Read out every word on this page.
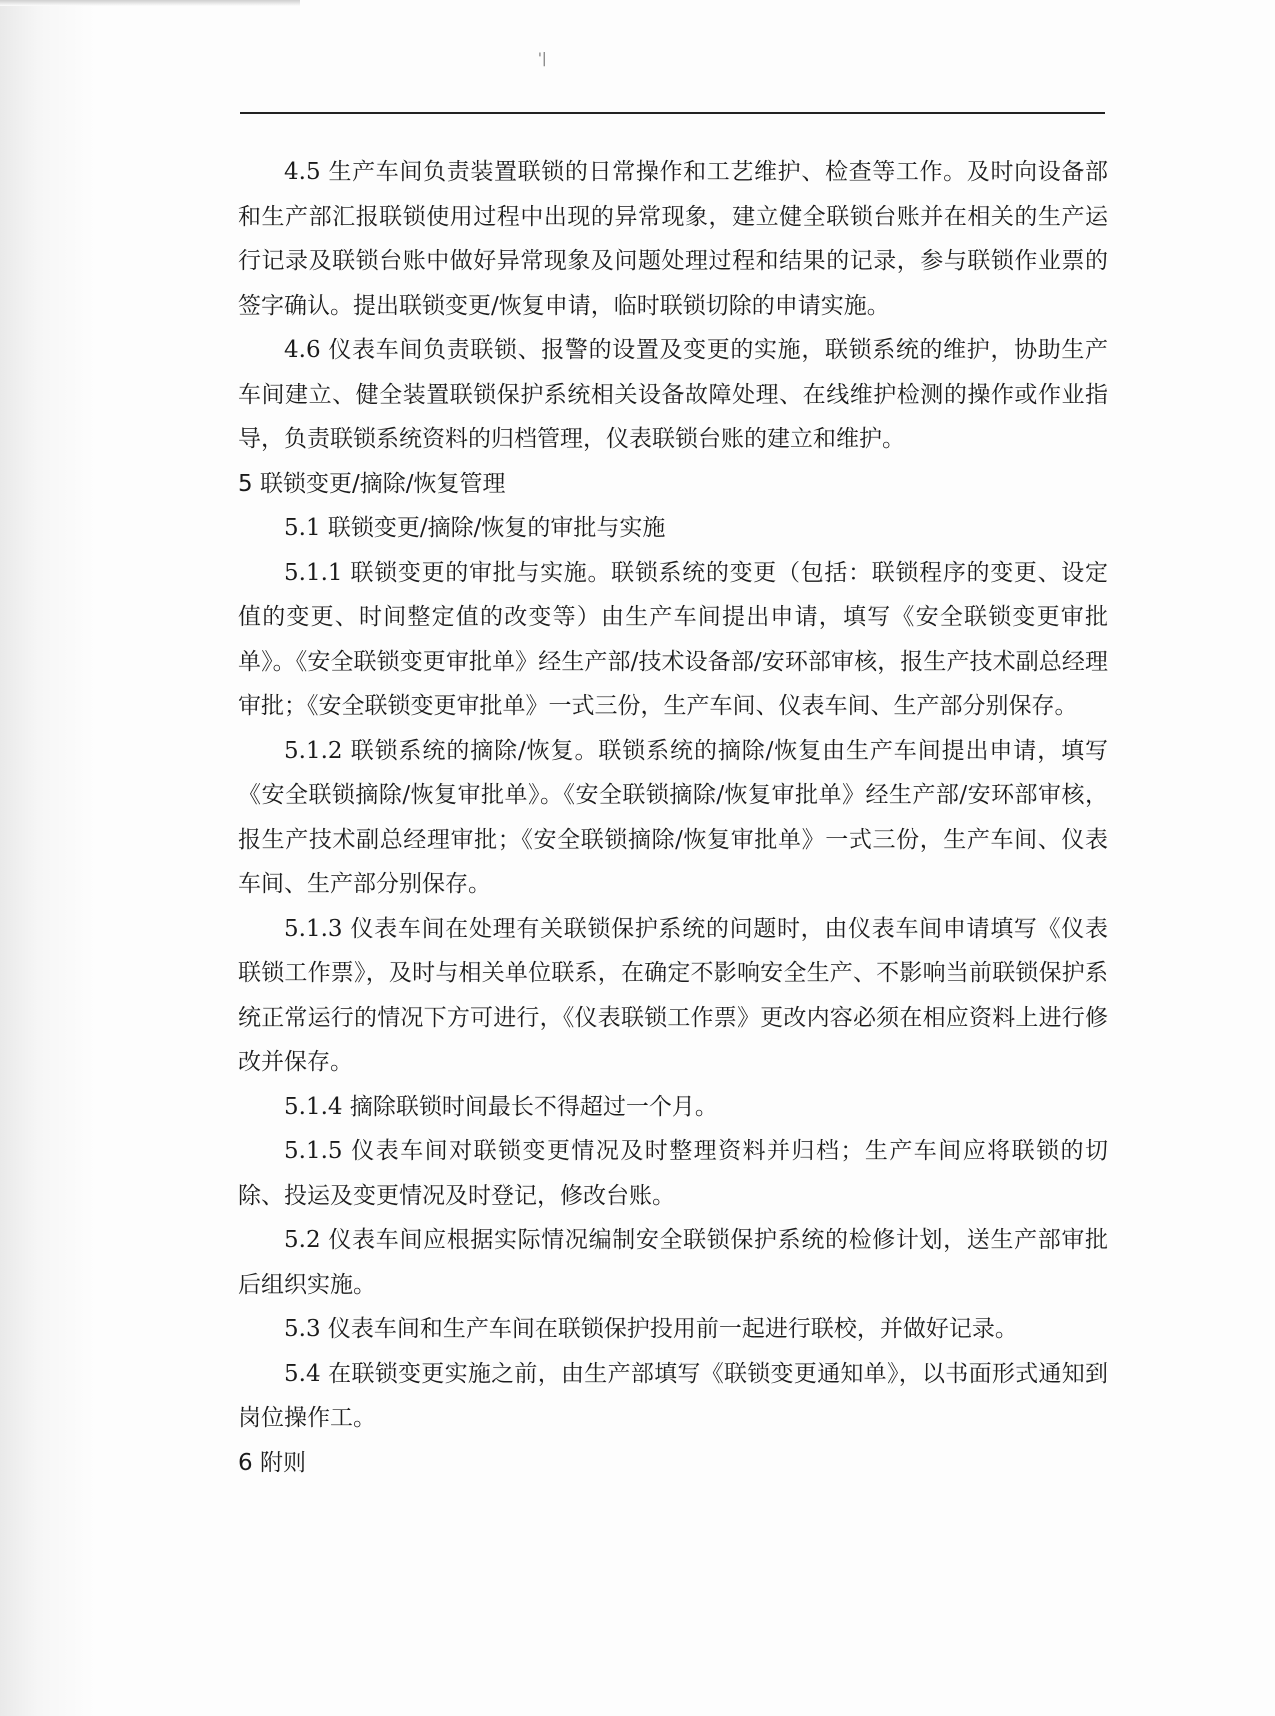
'|

4.5 生产车间负责装置联锁的日常操作和工艺维护、检查等工作。及时向设备部和生产部汇报联锁使用过程中出现的异常现象，建立健全联锁台账并在相关的生产运行记录及联锁台账中做好异常现象及问题处理过程和结果的记录，参与联锁作业票的签字确认。提出联锁变更/恢复申请，临时联锁切除的申请实施。

4.6 仪表车间负责联锁、报警的设置及变更的实施，联锁系统的维护，协助生产车间建立、健全装置联锁保护系统相关设备故障处理、在线维护检测的操作或作业指导，负责联锁系统资料的归档管理，仪表联锁台账的建立和维护。

5 联锁变更/摘除/恢复管理

5.1 联锁变更/摘除/恢复的审批与实施

5.1.1 联锁变更的审批与实施。联锁系统的变更（包括：联锁程序的变更、设定值的变更、时间整定值的改变等）由生产车间提出申请，填写《安全联锁变更审批单》。《安全联锁变更审批单》经生产部/技术设备部/安环部审核，报生产技术副总经理审批；《安全联锁变更审批单》一式三份，生产车间、仪表车间、生产部分别保存。

5.1.2 联锁系统的摘除/恢复。联锁系统的摘除/恢复由生产车间提出申请，填写《安全联锁摘除/恢复审批单》。《安全联锁摘除/恢复审批单》经生产部/安环部审核，报生产技术副总经理审批；《安全联锁摘除/恢复审批单》一式三份，生产车间、仪表车间、生产部分别保存。

5.1.3 仪表车间在处理有关联锁保护系统的问题时，由仪表车间申请填写《仪表联锁工作票》，及时与相关单位联系，在确定不影响安全生产、不影响当前联锁保护系统正常运行的情况下方可进行，《仪表联锁工作票》更改内容必须在相应资料上进行修改并保存。

5.1.4 摘除联锁时间最长不得超过一个月。

5.1.5 仪表车间对联锁变更情况及时整理资料并归档；生产车间应将联锁的切除、投运及变更情况及时登记，修改台账。

5.2 仪表车间应根据实际情况编制安全联锁保护系统的检修计划，送生产部审批后组织实施。

5.3 仪表车间和生产车间在联锁保护投用前一起进行联校，并做好记录。

5.4 在联锁变更实施之前，由生产部填写《联锁变更通知单》，以书面形式通知到岗位操作工。

6 附则
